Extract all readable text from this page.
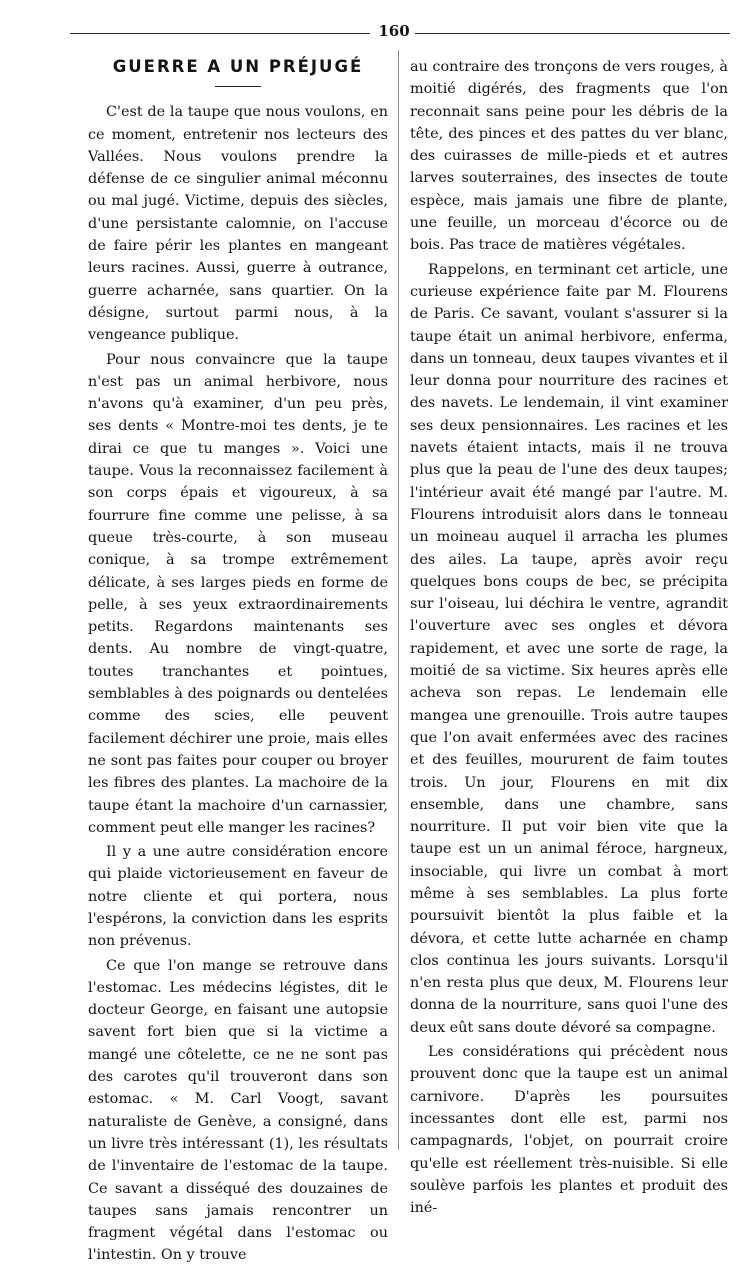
160
GUERRE A UN PRÉJUGÉ

C'est de la taupe que nous voulons, en ce moment, entretenir nos lecteurs des Vallées. Nous voulons prendre la défense de ce singulier animal méconnu ou mal jugé. Victime, depuis des siècles, d'une persistante calomnie, on l'accuse de faire périr les plantes en mangeant leurs racines. Aussi, guerre à outrance, guerre acharnée, sans quartier. On la désigne, surtout parmi nous, à la vengeance publique.

Pour nous convaincre que la taupe n'est pas un animal herbivore, nous n'avons qu'à examiner, d'un peu près, ses dents « Montre-moi tes dents, je te dirai ce que tu manges ». Voici une taupe. Vous la reconnaissez facilement à son corps épais et vigoureux, à sa fourrure fine comme une pelisse, à sa queue très-courte, à son museau conique, à sa trompe extrêmement délicate, à ses larges pieds en forme de pelle, à ses yeux extraordinairements petits. Regardons maintenants ses dents. Au nombre de vingt-quatre, toutes tranchantes et pointues, semblables à des poignards ou dentelées comme des scies, elle peuvent facilement déchirer une proie, mais elles ne sont pas faites pour couper ou broyer les fibres des plantes. La machoire de la taupe étant la machoire d'un carnassier, comment peut elle manger les racines?

Il y a une autre considération encore qui plaide victorieusement en faveur de notre cliente et qui portera, nous l'espérons, la conviction dans les esprits non prévenus.

Ce que l'on mange se retrouve dans l'estomac. Les médecins légistes, dit le docteur George, en faisant une autopsie savent fort bien que si la victime a mangé une côtelette, ce ne ne sont pas des carotes qu'il trouveront dans son estomac. « M. Carl Voogt, savant naturaliste de Genève, a consigné, dans un livre très intéressant (1), les résultats de l'inventaire de l'estomac de la taupe. Ce savant a disséqué des douzaines de taupes sans jamais rencontrer un fragment végétal dans l'estomac ou l'intestin. On y trouve

au contraire des tronçons de vers rouges, à moitié digérés, des fragments que l'on reconnait sans peine pour les débris de la tête, des pinces et des pattes du ver blanc, des cuirasses de mille-pieds et et autres larves souterraines, des insectes de toute espèce, mais jamais une fibre de plante, une feuille, un morceau d'écorce ou de bois. Pas trace de matières végétales.

Rappelons, en terminant cet article, une curieuse expérience faite par M. Flourens de Paris. Ce savant, voulant s'assurer si la taupe était un animal herbivore, enferma, dans un tonneau, deux taupes vivantes et il leur donna pour nourriture des racines et des navets. Le lendemain, il vint examiner ses deux pensionnaires. Les racines et les navets étaient intacts, mais il ne trouva plus que la peau de l'une des deux taupes; l'intérieur avait été mangé par l'autre. M. Flourens introduisit alors dans le tonneau un moineau auquel il arracha les plumes des ailes. La taupe, après avoir reçu quelques bons coups de bec, se précipita sur l'oiseau, lui déchira le ventre, agrandit l'ouverture avec ses ongles et dévora rapidement, et avec une sorte de rage, la moitié de sa victime. Six heures après elle acheva son repas. Le lendemain elle mangea une grenouille. Trois autre taupes que l'on avait enfermées avec des racines et des feuilles, moururent de faim toutes trois. Un jour, Flourens en mit dix ensemble, dans une chambre, sans nourriture. Il put voir bien vite que la taupe est un un animal féroce, hargneux, insociable, qui livre un combat à mort même à ses semblables. La plus forte poursuivit bientôt la plus faible et la dévora, et cette lutte acharnée en champ clos continua les jours suivants. Lorsqu'il n'en resta plus que deux, M. Flourens leur donna de la nourriture, sans quoi l'une des deux eût sans doute dévoré sa compagne.

Les considérations qui précèdent nous prouvent donc que la taupe est un animal carnivore. D'après les poursuites incessantes dont elle est, parmi nos campagnards, l'objet, on pourrait croire qu'elle est réellement très-nuisible. Si elle soulève parfois les plantes et produit des iné-
